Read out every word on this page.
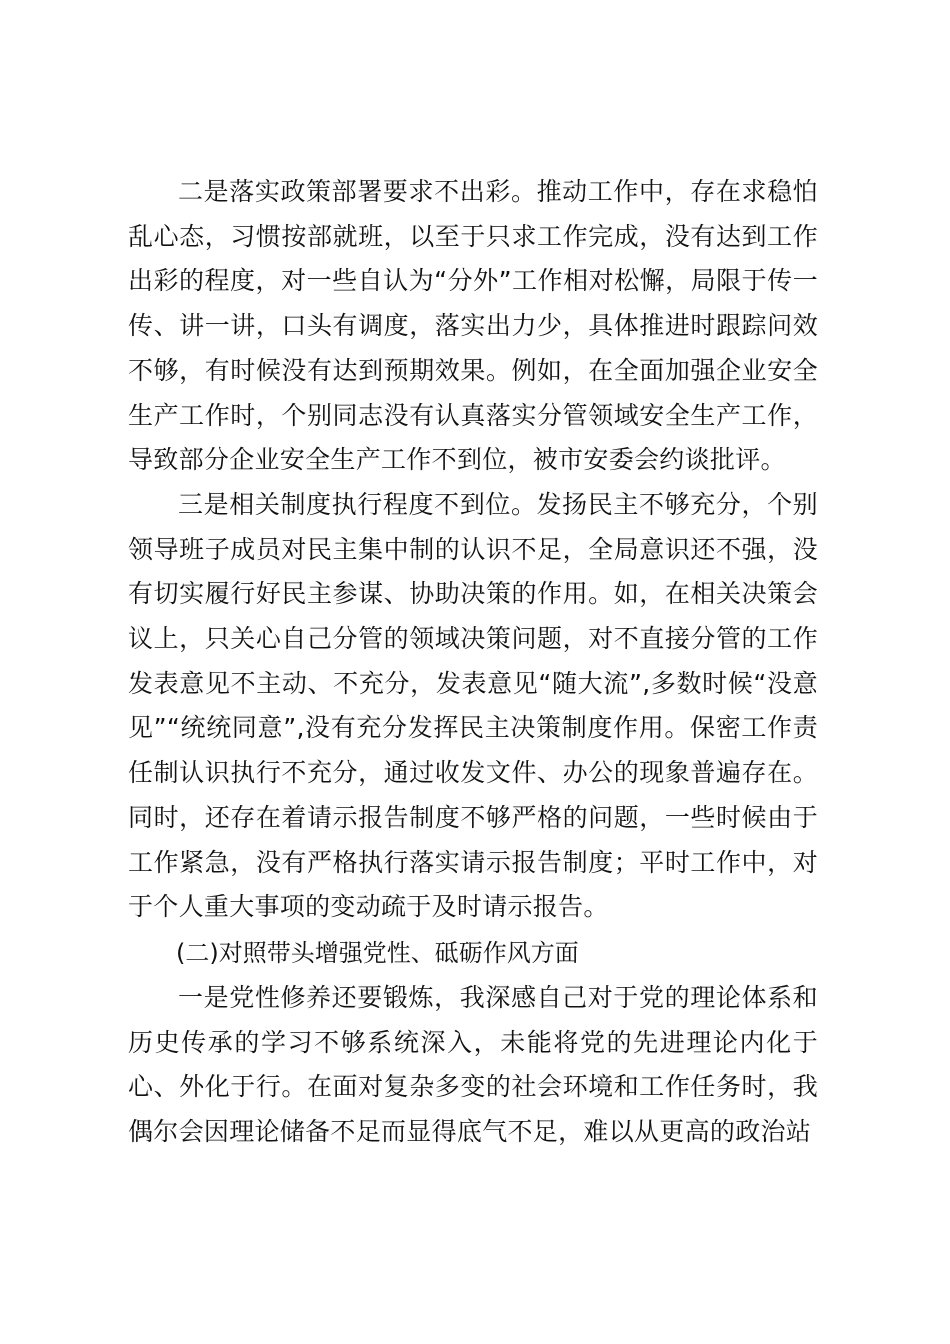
二是落实政策部署要求不出彩。推动工作中，存在求稳怕乱心态，习惯按部就班，以至于只求工作完成，没有达到工作出彩的程度，对一些自认为“分外”工作相对松懈，局限于传一传、讲一讲，口头有调度，落实出力少，具体推进时跟踪问效不够，有时候没有达到预期效果。例如，在全面加强企业安全生产工作时，个别同志没有认真落实分管领域安全生产工作，导致部分企业安全生产工作不到位，被市安委会约谈批评。

三是相关制度执行程度不到位。发扬民主不够充分，个别领导班子成员对民主集中制的认识不足，全局意识还不强，没有切实履行好民主参谋、协助决策的作用。如，在相关决策会议上，只关心自己分管的领域决策问题，对不直接分管的工作发表意见不主动、不充分，发表意见“随大流”,多数时候“没意见”“统统同意”,没有充分发挥民主决策制度作用。保密工作责任制认识执行不充分，通过收发文件、办公的现象普遍存在。同时，还存在着请示报告制度不够严格的问题，一些时候由于工作紧急，没有严格执行落实请示报告制度；平时工作中，对于个人重大事项的变动疏于及时请示报告。

(二)对照带头增强党性、砥砺作风方面

一是党性修养还要锻炼，我深感自己对于党的理论体系和历史传承的学习不够系统深入，未能将党的先进理论内化于心、外化于行。在面对复杂多变的社会环境和工作任务时，我偶尔会因理论储备不足而显得底气不足，难以从更高的政治站
